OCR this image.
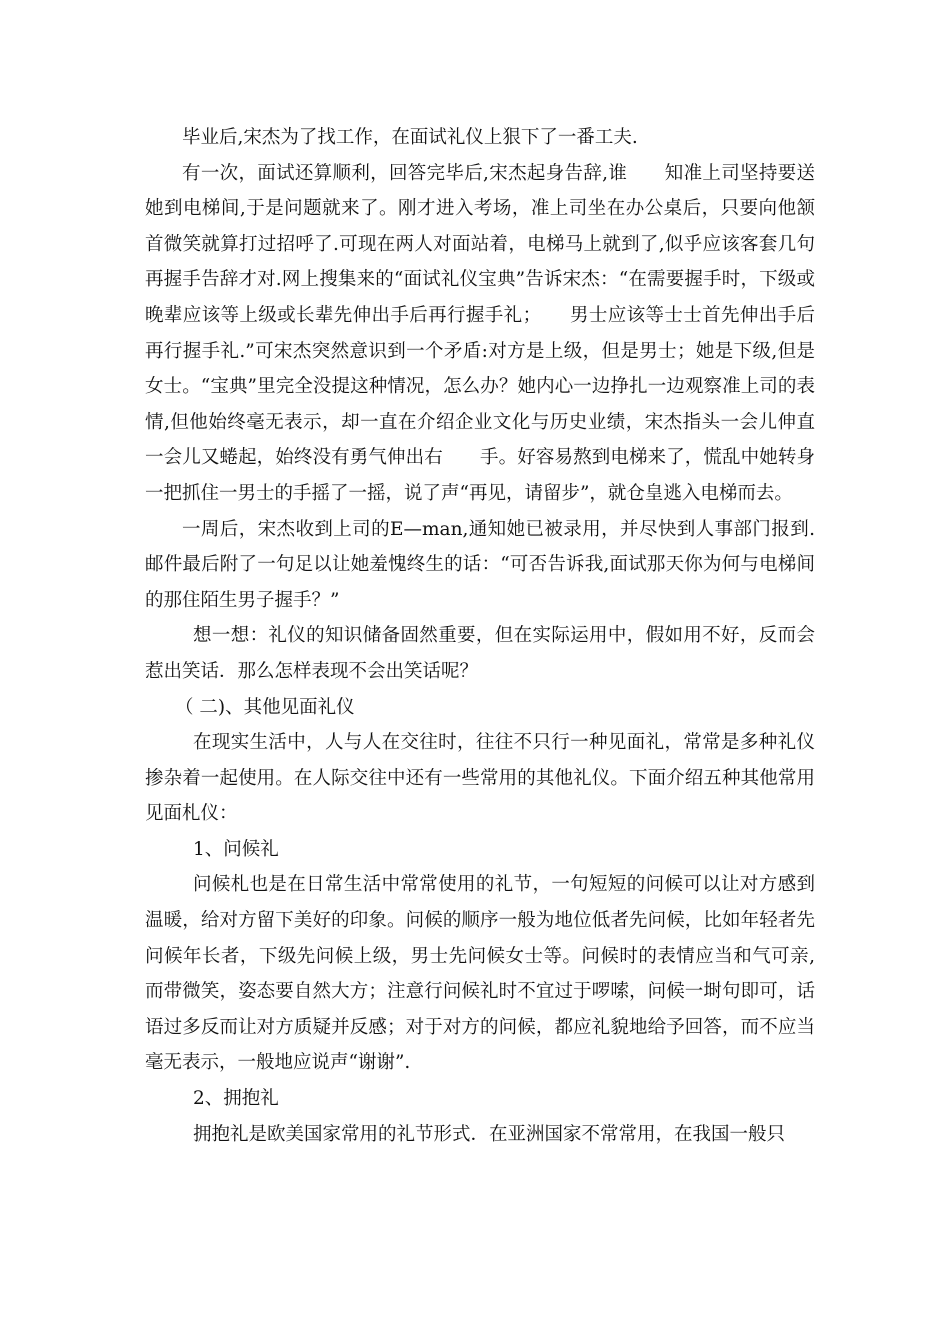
毕业后,宋杰为了找工作，在面试礼仪上狠下了一番工夫.

有一次，面试还算顺利，回答完毕后,宋杰起身告辞,谁　　知准上司坚持要送她到电梯间,于是问题就来了。刚才进入考场，准上司坐在办公桌后，只要向他颔首微笑就算打过招呼了.可现在两人对面站着，电梯马上就到了,似乎应该客套几句再握手告辞才对.网上搜集来的“面试礼仪宝典”告诉宋杰：“在需要握手时，下级或晚辈应该等上级或长辈先伸出手后再行握手礼；　　男士应该等士士首先伸出手后再行握手礼.”可宋杰突然意识到一个矛盾:对方是上级，但是男士；她是下级,但是女士。“宝典”里完全没提这种情况，怎么办？她内心一边挣扎一边观察准上司的表情,但他始终毫无表示，却一直在介绍企业文化与历史业绩，宋杰指头一会儿伸直一会儿又蜷起，始终没有勇气伸出右　　手。好容易熬到电梯来了，慌乱中她转身一把抓住一男士的手摇了一摇，说了声“再见，请留步”，就仓皇逃入电梯而去。

一周后，宋杰收到上司的E—man,通知她已被录用，并尽快到人事部门报到.邮件最后附了一句足以让她羞愧终生的话：“可否告诉我,面试那天你为何与电梯间的那住陌生男子握手？”

想一想：礼仪的知识储备固然重要，但在实际运用中，假如用不好，反而会惹出笑话．那么怎样表现不会出笑话呢？

（ 二)、其他见面礼仪

在现实生活中，人与人在交往时，往往不只行一种见面礼，常常是多种礼仪掺杂着一起使用。在人际交往中还有一些常用的其他礼仪。下面介绍五种其他常用见面札仪：

1、问候礼

问候札也是在日常生活中常常使用的礼节，一句短短的问候可以让对方感到温暖，给对方留下美好的印象。问候的顺序一般为地位低者先问候，比如年轻者先问候年长者，下级先问候上级，男士先问候女士等。问候时的表情应当和气可亲,而带微笑，姿态要自然大方；注意行问候礼时不宜过于啰嗦，问候一埘句即可，话语过多反而让对方质疑并反感；对于对方的问候，都应礼貌地给予回答，而不应当毫无表示，一般地应说声“谢谢”.

2、拥抱礼

拥抱礼是欧美国家常用的礼节形式．在亚洲国家不常常用，在我国一般只
